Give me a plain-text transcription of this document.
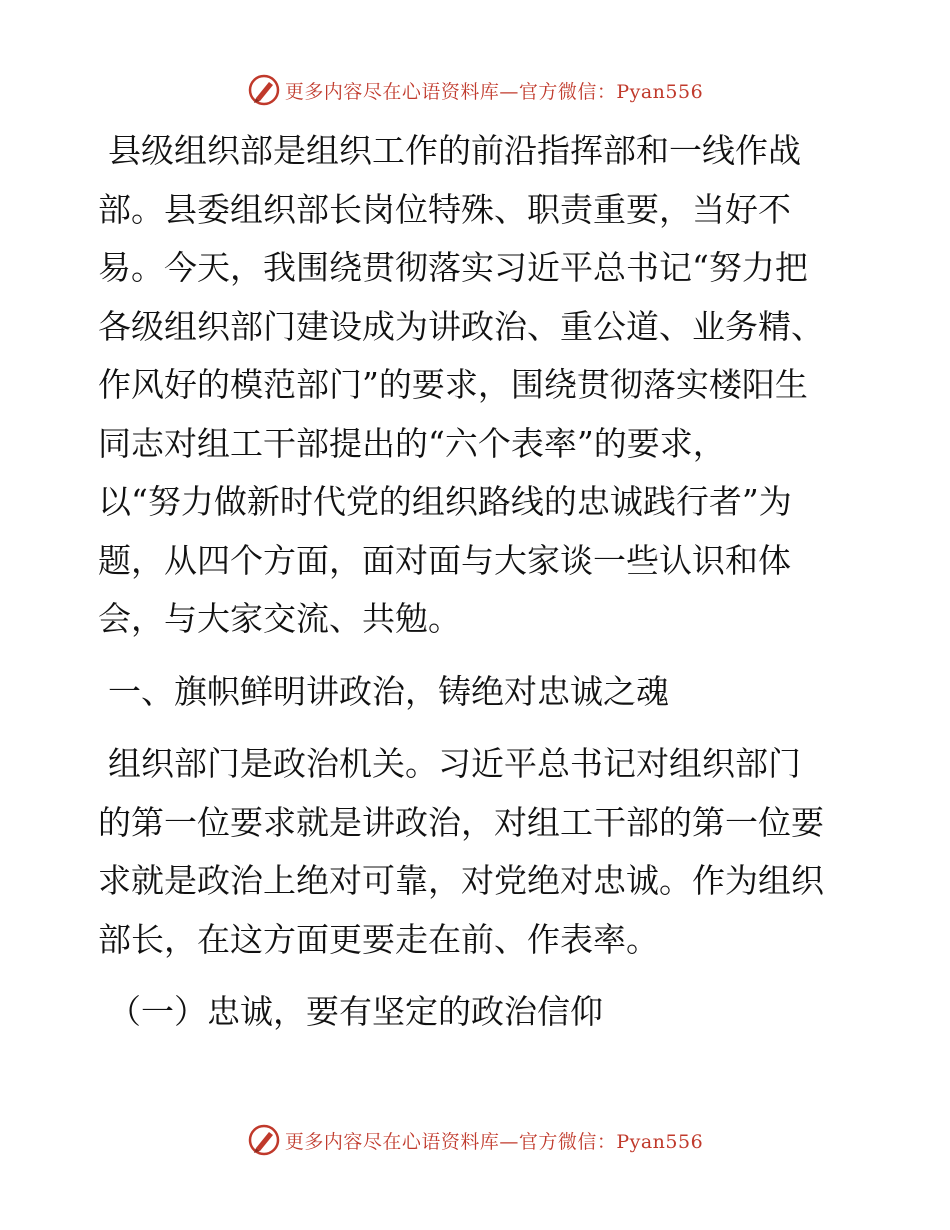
更多内容尽在心语资料库—官方微信：Pyan556

县级组织部是组织工作的前沿指挥部和一线作战
部。县委组织部长岗位特殊、职责重要，当好不
易。今天，我围绕贯彻落实习近平总书记“努力把
各级组织部门建设成为讲政治、重公道、业务精、
作风好的模范部门”的要求，围绕贯彻落实楼阳生
同志对组工干部提出的“六个表率”的要求，
以“努力做新时代党的组织路线的忠诚践行者”为
题，从四个方面，面对面与大家谈一些认识和体
会，与大家交流、共勉。

一、旗帜鲜明讲政治，铸绝对忠诚之魂

组织部门是政治机关。习近平总书记对组织部门
的第一位要求就是讲政治，对组工干部的第一位要
求就是政治上绝对可靠，对党绝对忠诚。作为组织
部长，在这方面更要走在前、作表率。

（一）忠诚，要有坚定的政治信仰

更多内容尽在心语资料库—官方微信：Pyan556
